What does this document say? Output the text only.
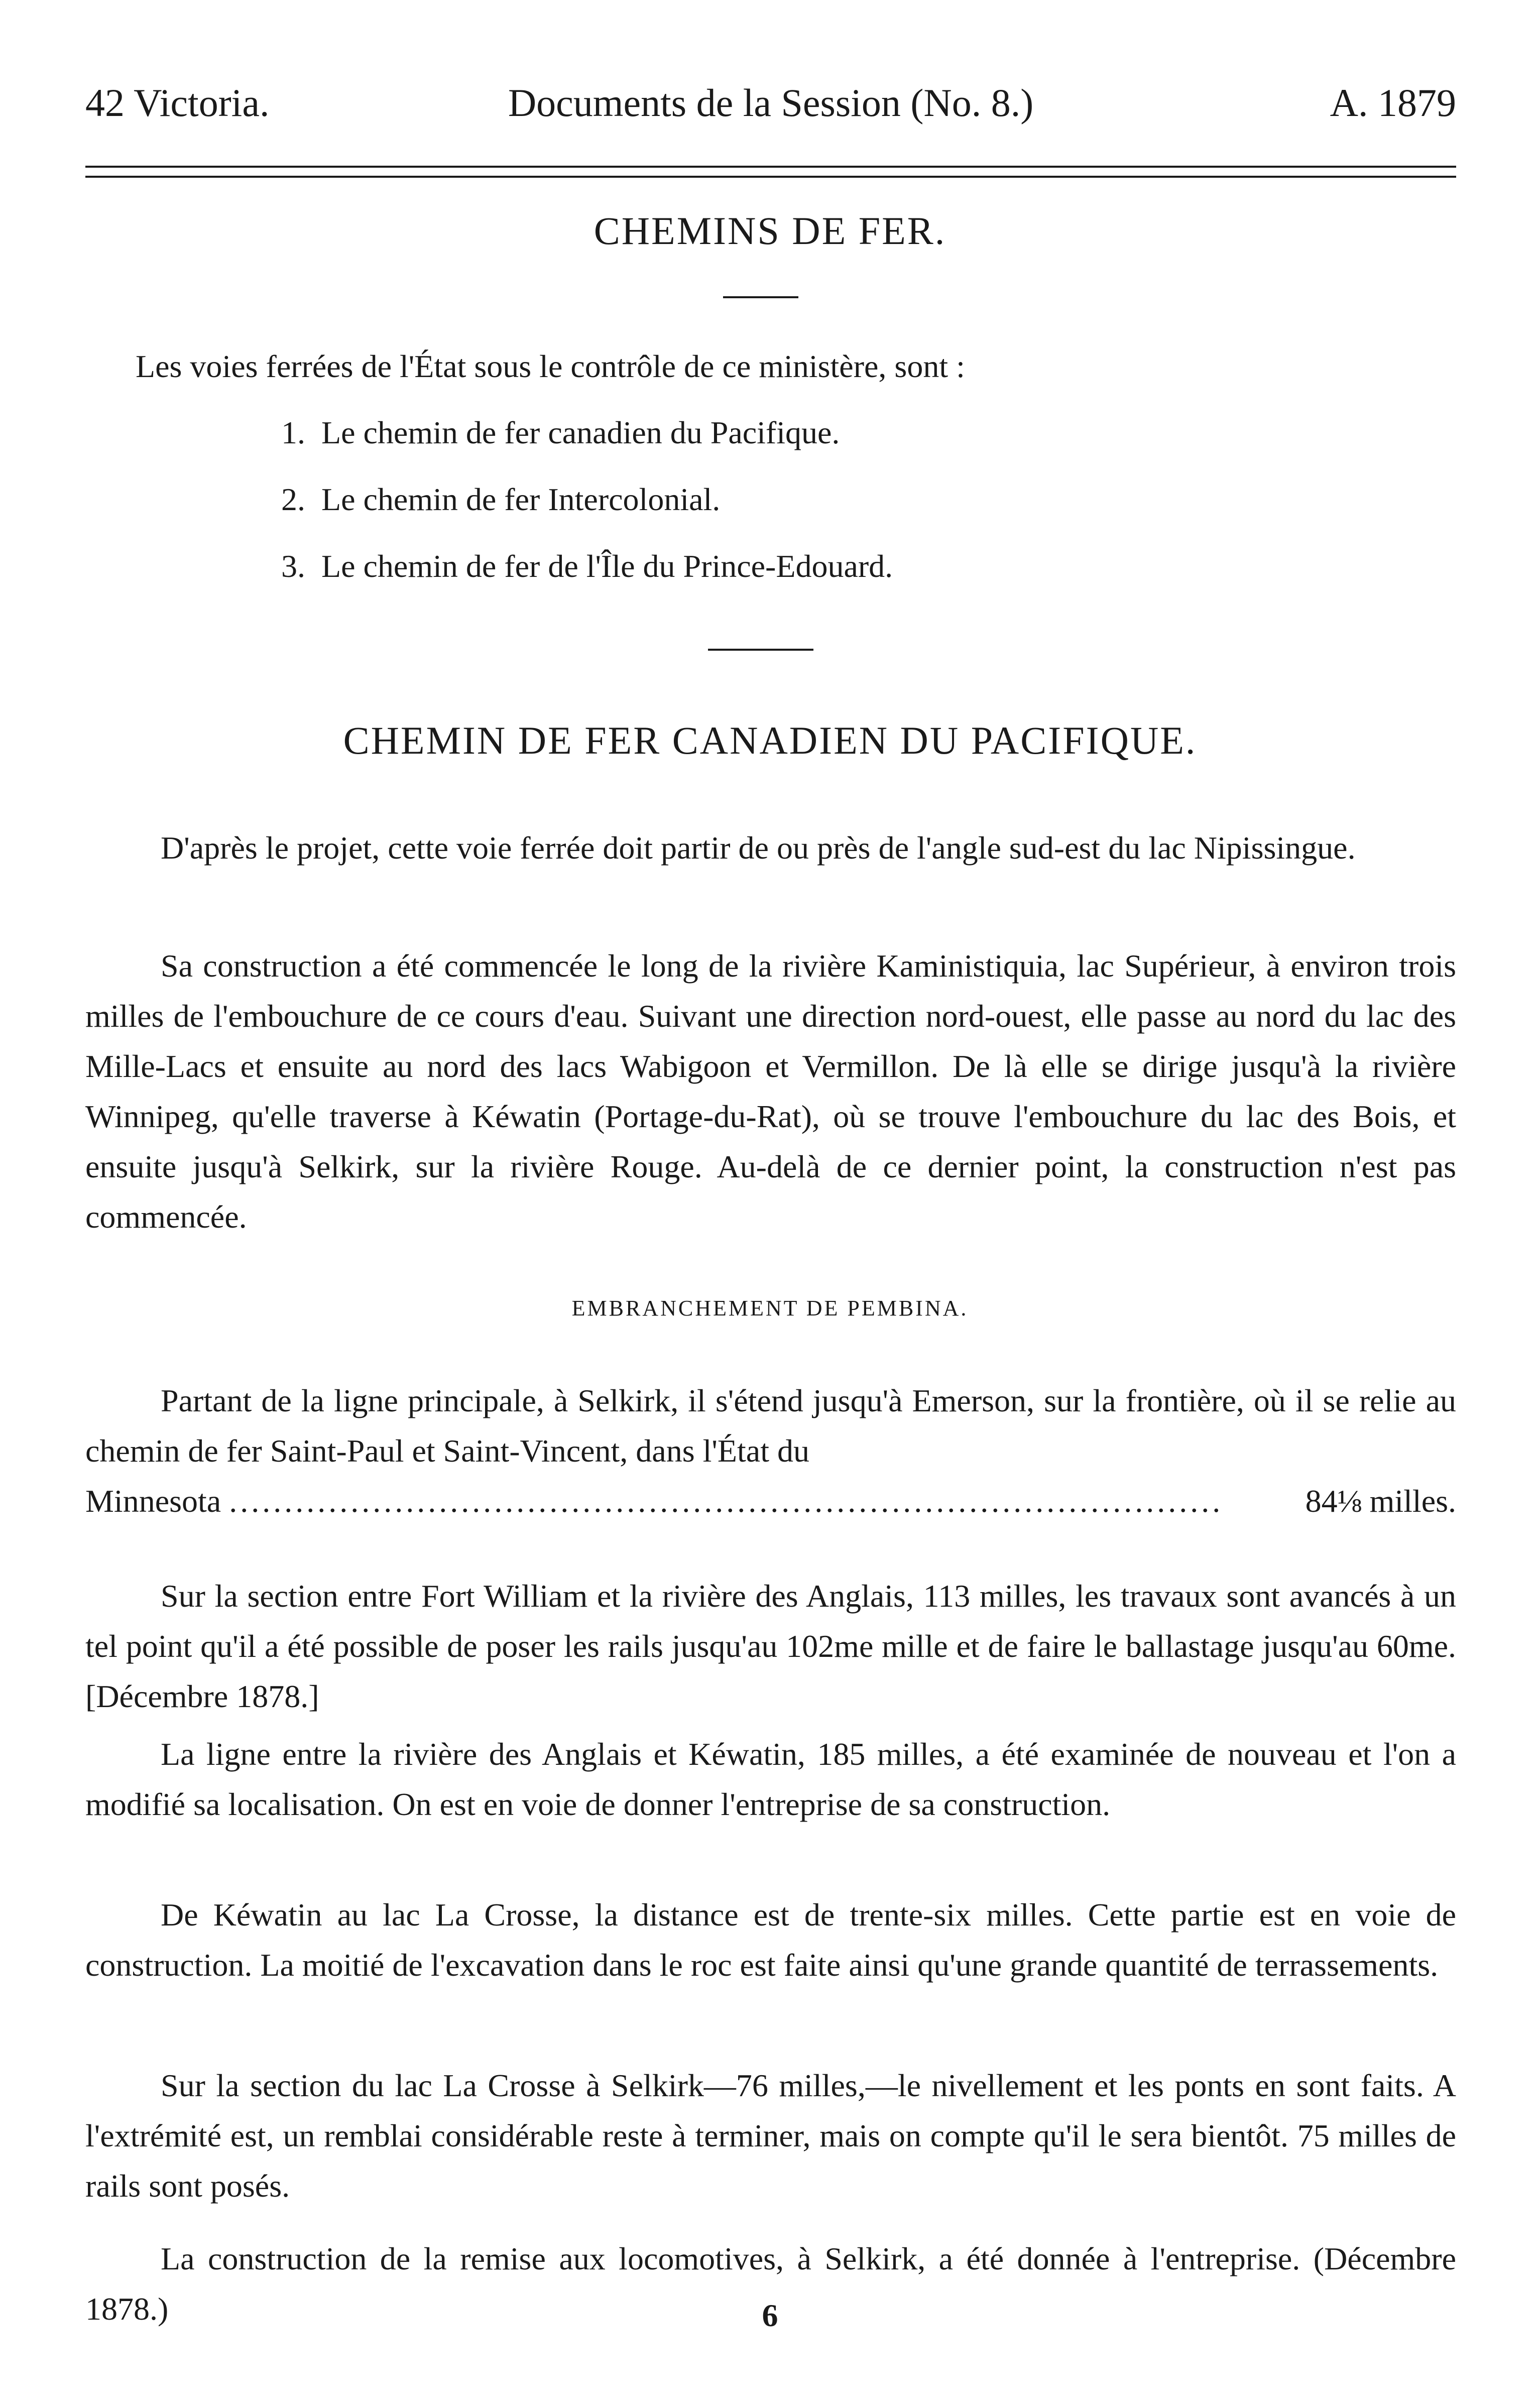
42 Victoria.	Documents de la Session (No. 8.)	A. 1879
CHEMINS DE FER.
Les voies ferrées de l'État sous le contrôle de ce ministère, sont :
1. Le chemin de fer canadien du Pacifique.
2. Le chemin de fer Intercolonial.
3. Le chemin de fer de l'Île du Prince-Edouard.
CHEMIN DE FER CANADIEN DU PACIFIQUE.

D'après le projet, cette voie ferrée doit partir de ou près de l'angle sud-est du lac Nipissingue.

Sa construction a été commencée le long de la rivière Kaministiquia, lac Supérieur, à environ trois milles de l'embouchure de ce cours d'eau. Suivant une direction nord-ouest, elle passe au nord du lac des Mille-Lacs et ensuite au nord des lacs Wabigoon et Vermillon. De là elle se dirige jusqu'à la rivière Winnipeg, qu'elle traverse à Kéwatin (Portage-du-Rat), où se trouve l'embouchure du lac des Bois, et ensuite jusqu'à Selkirk, sur la rivière Rouge. Au-delà de ce dernier point, la construction n'est pas commencée.

EMBRANCHEMENT DE PEMBINA.
Partant de la ligne principale, à Selkirk, il s'étend jusqu'à Emerson, sur la frontière, où il se relie au chemin de fer Saint-Paul et Saint-Vincent, dans l'État du
Minnesota ..........................................................................................	84⅛ milles.

Sur la section entre Fort William et la rivière des Anglais, 113 milles, les travaux sont avancés à un tel point qu'il a été possible de poser les rails jusqu'au 102me mille et de faire le ballastage jusqu'au 60me. [Décembre 1878.]

La ligne entre la rivière des Anglais et Kéwatin, 185 milles, a été examinée de nouveau et l'on a modifié sa localisation. On est en voie de donner l'entreprise de sa construction.

De Kéwatin au lac La Crosse, la distance est de trente-six milles. Cette partie est en voie de construction. La moitié de l'excavation dans le roc est faite ainsi qu'une grande quantité de terrassements.

Sur la section du lac La Crosse à Selkirk—76 milles,—le nivellement et les ponts en sont faits. A l'extrémité est, un remblai considérable reste à terminer, mais on compte qu'il le sera bientôt. 75 milles de rails sont posés.

La construction de la remise aux locomotives, à Selkirk, a été donnée à l'entreprise. (Décembre 1878.)	6
